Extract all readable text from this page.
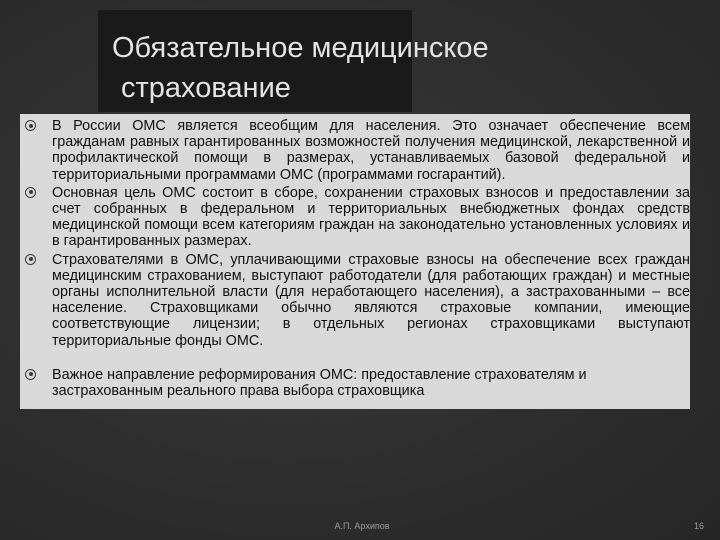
Обязательное медицинское
страхование
В России ОМС является всеобщим для населения. Это означает обеспечение всем гражданам равных гарантированных возможностей получения медицинской, лекарственной и профилактической помощи в размерах, устанавливаемых базовой федеральной и территориальными программами ОМС (программами госгарантий).
Основная цель ОМС состоит в сборе, сохранении страховых взносов и предоставлении за счет собранных в федеральном и территориальных внебюджетных фондах средств медицинской помощи всем категориям граждан на законодательно установленных условиях и в гарантированных размерах.
Страхователями в ОМС, уплачивающими страховые взносы на обеспечение всех граждан медицинским страхованием, выступают работодатели (для работающих граждан) и местные органы исполнительной власти (для неработающего населения), а застрахованными – все население. Страховщиками обычно являются страховые компании, имеющие соответствующие лицензии; в отдельных регионах страховщиками выступают территориальные фонды ОМС.
Важное направление реформирования ОМС: предоставление страхователям и застрахованным реального права выбора страховщика
А.П. Архипов	16
